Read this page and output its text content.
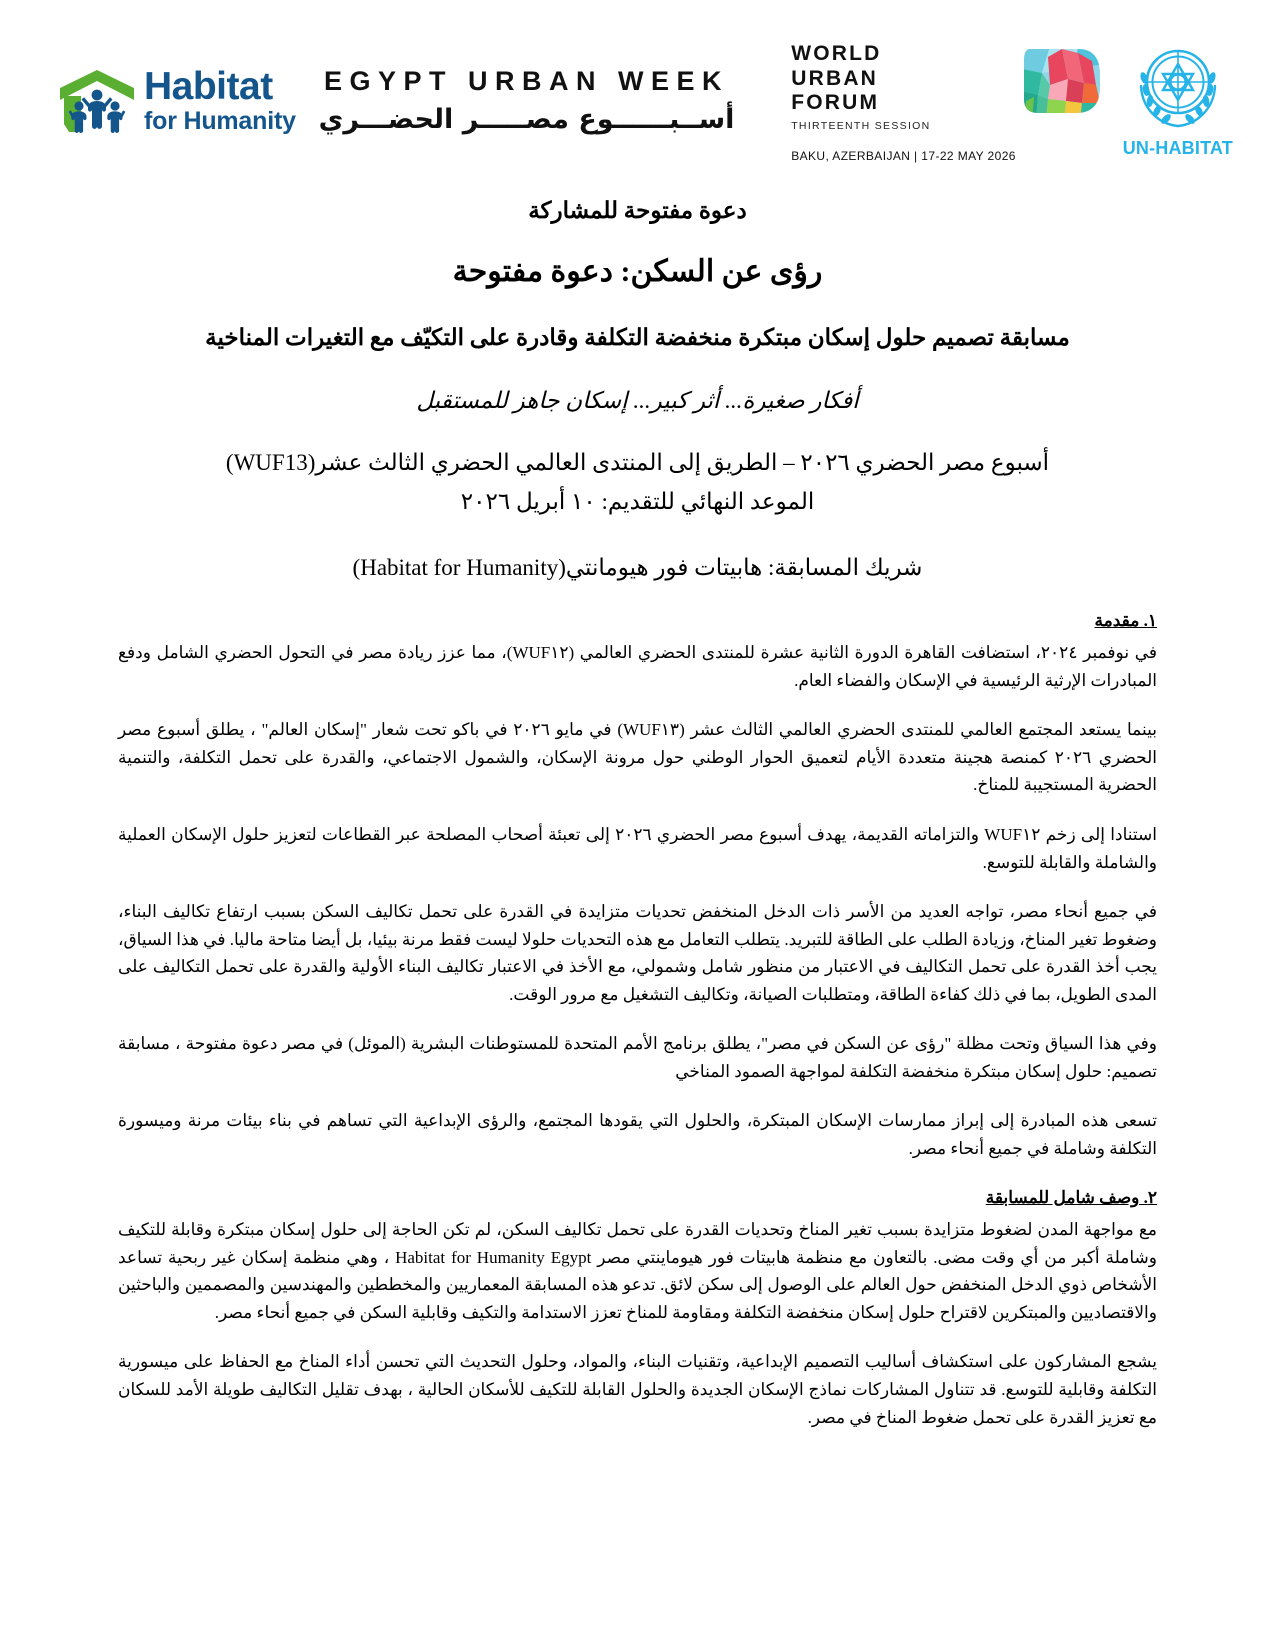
Habitat
for Humanity
EGYPT URBAN WEEK
أســبــــــوع مصـــــر الحضـــري
WORLD
URBAN
FORUM
THIRTEENTH SESSION
BAKU, AZERBAIJAN | 17-22 MAY 2026	UN-HABITAT
دعوة مفتوحة للمشاركة
رؤى عن السكن: دعوة مفتوحة
مسابقة تصميم حلول إسكان مبتكرة منخفضة التكلفة وقادرة على التكيّف مع التغيرات المناخية
أفكار صغيرة... أثر كبير... إسكان جاهز للمستقبل
أسبوع مصر الحضري ٢٠٢٦ – الطريق إلى المنتدى العالمي الحضري الثالث عشر(WUF13)
الموعد النهائي للتقديم: ١٠ أبريل ٢٠٢٦
شريك المسابقة: هابيتات فور هيومانتي(Habitat for Humanity)
١. مقدمة

في نوفمبر ٢٠٢٤، استضافت القاهرة الدورة الثانية عشرة للمنتدى الحضري العالمي (WUF١٢)، مما عزز ريادة مصر في التحول الحضري الشامل ودفع المبادرات الإرثية الرئيسية في الإسكان والفضاء العام.

بينما يستعد المجتمع العالمي للمنتدى الحضري العالمي الثالث عشر (WUF١٣) في مايو ٢٠٢٦ في باكو تحت شعار "إسكان العالم" ، يطلق أسبوع مصر الحضري ٢٠٢٦ كمنصة هجينة متعددة الأيام لتعميق الحوار الوطني حول مرونة الإسكان، والشمول الاجتماعي، والقدرة على تحمل التكلفة، والتنمية الحضرية المستجيبة للمناخ.

استنادا إلى زخم WUF١٢ والتزاماته القديمة، يهدف أسبوع مصر الحضري ٢٠٢٦ إلى تعبئة أصحاب المصلحة عبر القطاعات لتعزيز حلول الإسكان العملية والشاملة والقابلة للتوسع.

في جميع أنحاء مصر، تواجه العديد من الأسر ذات الدخل المنخفض تحديات متزايدة في القدرة على تحمل تكاليف السكن بسبب ارتفاع تكاليف البناء، وضغوط تغير المناخ، وزيادة الطلب على الطاقة للتبريد. يتطلب التعامل مع هذه التحديات حلولا ليست فقط مرنة بيئيا، بل أيضا متاحة ماليا. في هذا السياق، يجب أخذ القدرة على تحمل التكاليف في الاعتبار من منظور شامل وشمولي، مع الأخذ في الاعتبار تكاليف البناء الأولية والقدرة على تحمل التكاليف على المدى الطويل، بما في ذلك كفاءة الطاقة، ومتطلبات الصيانة، وتكاليف التشغيل مع مرور الوقت.

وفي هذا السياق وتحت مظلة "رؤى عن السكن في مصر"، يطلق برنامج الأمم المتحدة للمستوطنات البشرية (الموئل) في مصر دعوة مفتوحة ، مسابقة تصميم: حلول إسكان مبتكرة منخفضة التكلفة لمواجهة الصمود المناخي

تسعى هذه المبادرة إلى إبراز ممارسات الإسكان المبتكرة، والحلول التي يقودها المجتمع، والرؤى الإبداعية التي تساهم في بناء بيئات مرنة وميسورة التكلفة وشاملة في جميع أنحاء مصر.

٢. وصف شامل للمسابقة

مع مواجهة المدن لضغوط متزايدة بسبب تغير المناخ وتحديات القدرة على تحمل تكاليف السكن، لم تكن الحاجة إلى حلول إسكان مبتكرة وقابلة للتكيف وشاملة أكبر من أي وقت مضى. بالتعاون مع منظمة هابيتات فور هيوماينتي مصر Habitat for Humanity Egypt ، وهي منظمة إسكان غير ربحية تساعد الأشخاص ذوي الدخل المنخفض حول العالم على الوصول إلى سكن لائق. تدعو هذه المسابقة المعماريين والمخططين والمهندسين والمصممين والباحثين والاقتصاديين والمبتكرين لاقتراح حلول إسكان منخفضة التكلفة ومقاومة للمناخ تعزز الاستدامة والتكيف وقابلية السكن في جميع أنحاء مصر.

يشجع المشاركون على استكشاف أساليب التصميم الإبداعية، وتقنيات البناء، والمواد، وحلول التحديث التي تحسن أداء المناخ مع الحفاظ على ميسورية التكلفة وقابلية للتوسع. قد تتناول المشاركات نماذج الإسكان الجديدة والحلول القابلة للتكيف للأسكان الحالية ، بهدف تقليل التكاليف طويلة الأمد للسكان مع تعزيز القدرة على تحمل ضغوط المناخ في مصر.
